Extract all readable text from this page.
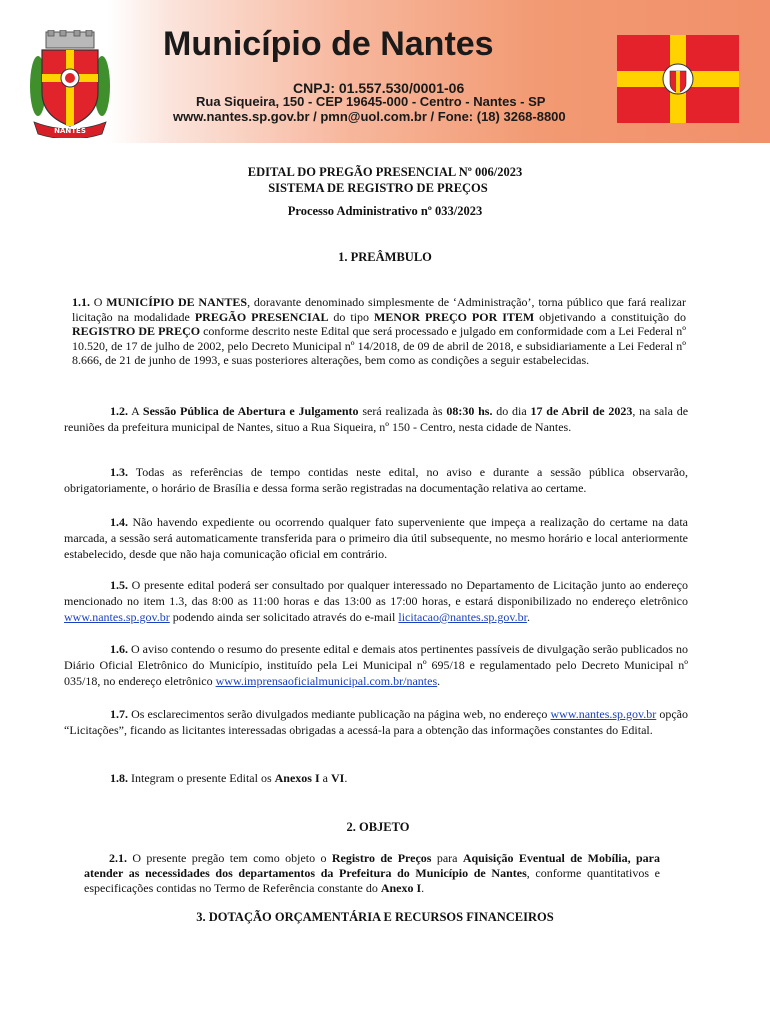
NANTES
Município de Nantes
CNPJ: 01.557.530/0001-06
Rua Siqueira, 150 - CEP 19645-000 - Centro - Nantes - SP
www.nantes.sp.gov.br / pmn@uol.com.br / Fone: (18) 3268-8800
EDITAL DO PREGÃO PRESENCIAL Nº 006/2023
SISTEMA DE REGISTRO DE PREÇOS
Processo Administrativo nº 033/2023
1. PREÂMBULO
1.1. O MUNICÍPIO DE NANTES, doravante denominado simplesmente de ‘Administração’, torna público que fará realizar licitação na modalidade PREGÃO PRESENCIAL do tipo MENOR PREÇO POR ITEM objetivando a constituição do REGISTRO DE PREÇO conforme descrito neste Edital que será processado e julgado em conformidade com a Lei Federal nº 10.520, de 17 de julho de 2002, pelo Decreto Municipal nº 14/2018, de 09 de abril de 2018, e subsidiariamente a Lei Federal nº 8.666, de 21 de junho de 1993, e suas posteriores alterações, bem como as condições a seguir estabelecidas.
1.2. A Sessão Pública de Abertura e Julgamento será realizada às 08:30 hs. do dia 17 de Abril de 2023, na sala de reuniões da prefeitura municipal de Nantes, situo a Rua Siqueira, nº 150 - Centro, nesta cidade de Nantes.
1.3. Todas as referências de tempo contidas neste edital, no aviso e durante a sessão pública observarão, obrigatoriamente, o horário de Brasília e dessa forma serão registradas na documentação relativa ao certame.
1.4. Não havendo expediente ou ocorrendo qualquer fato superveniente que impeça a realização do certame na data marcada, a sessão será automaticamente transferida para o primeiro dia útil subsequente, no mesmo horário e local anteriormente estabelecido, desde que não haja comunicação oficial em contrário.
1.5. O presente edital poderá ser consultado por qualquer interessado no Departamento de Licitação junto ao endereço mencionado no item 1.3, das 8:00 as 11:00 horas e das 13:00 as 17:00 horas, e estará disponibilizado no endereço eletrônico www.nantes.sp.gov.br podendo ainda ser solicitado através do e-mail licitacao@nantes.sp.gov.br.
1.6. O aviso contendo o resumo do presente edital e demais atos pertinentes passíveis de divulgação serão publicados no Diário Oficial Eletrônico do Município, instituído pela Lei Municipal nº 695/18 e regulamentado pelo Decreto Municipal nº 035/18, no endereço eletrônico www.imprensaoficialmunicipal.com.br/nantes.
1.7. Os esclarecimentos serão divulgados mediante publicação na página web, no endereço www.nantes.sp.gov.br opção “Licitações”, ficando as licitantes interessadas obrigadas a acessá-la para a obtenção das informações constantes do Edital.
1.8. Integram o presente Edital os Anexos I a VI.
2. OBJETO
2.1. O presente pregão tem como objeto o Registro de Preços para Aquisição Eventual de Mobília, para atender as necessidades dos departamentos da Prefeitura do Município de Nantes, conforme quantitativos e especificações contidas no Termo de Referência constante do Anexo I.
3. DOTAÇÃO ORÇAMENTÁRIA E RECURSOS FINANCEIROS
